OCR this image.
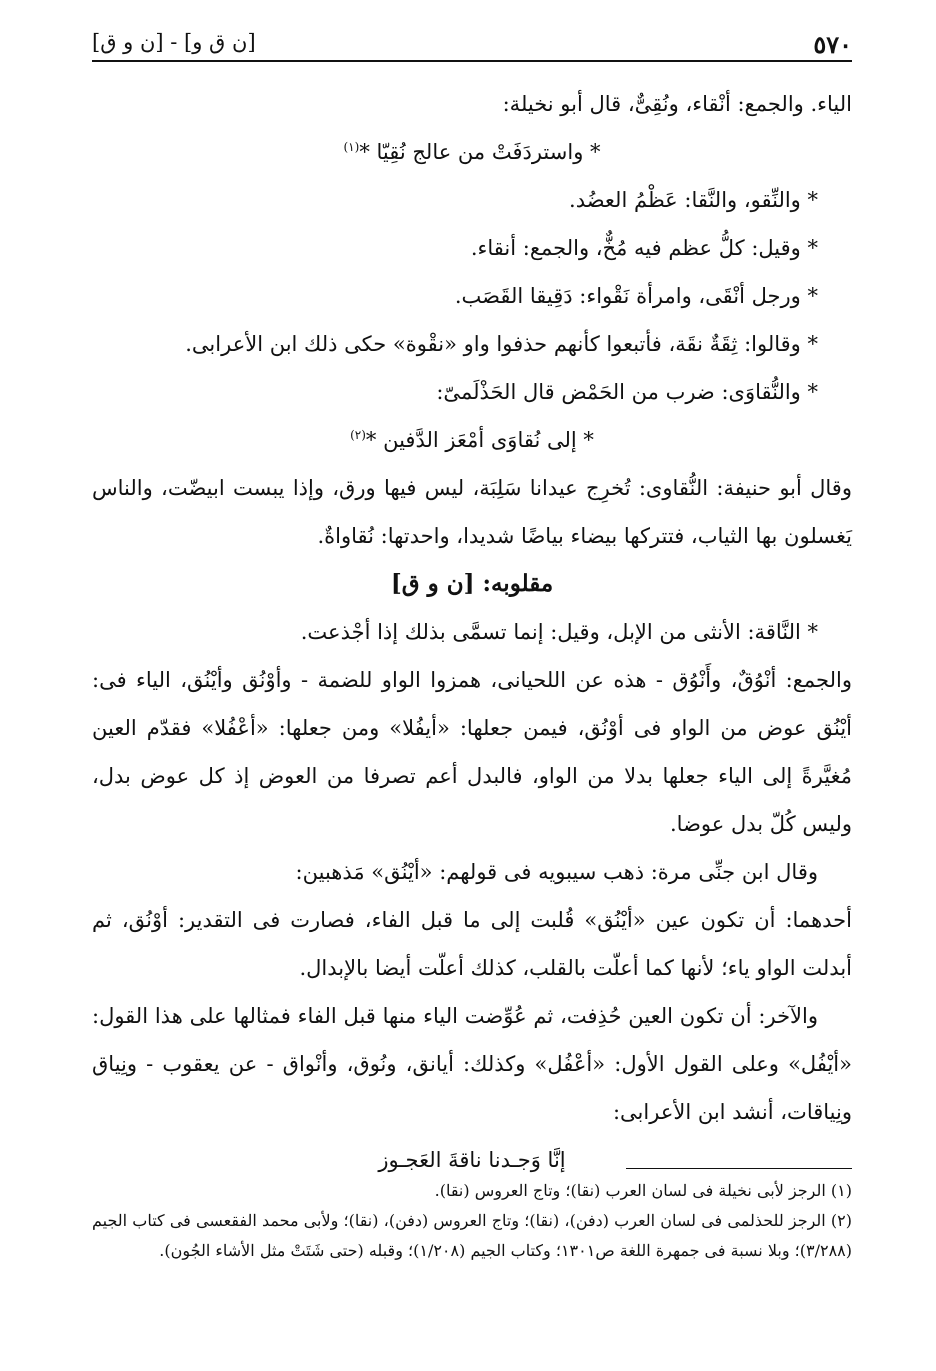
٥٧٠
[ن ق و] - [ن و ق]

الياء. والجمع: أنْقاء، ونُقِىٌّ، قال أبو نخيلة:

* واستردَفَتْ من عالج نُقِيّا *$^{(١)}$

* والنِّقو، والنَّقا: عَظْمُ العضُد.

* وقيل: كلُّ عظم فيه مُخٌّ، والجمع: أنقاء.

* ورجل أنْقَى، وامرأة نَقْواء: دَقِيقا القَصَب.

* وقالوا: ثِقَةٌ نقَة، فأتبعوا كأنهم حذفوا واو «نقْوة» حكى ذلك ابن الأعرابى.

* والنُّقاوَى: ضرب من الحَمْض قال الحَذْلَمىّ:

* إلى نُقاوَى أمْعَز الدَّفين *$^{(٢)}$

وقال أبو حنيفة: النُّقاوى: تُخرِج عيدانا سَلِبَة، ليس فيها ورق، وإذا يبست ابيضّت، والناس يَغسلون بها الثياب، فتتركها بيضاء بياضًا شديدا، واحدتها: نُقاواةٌ.

مقلوبه: [ن و ق]

* النَّاقة: الأنثى من الإبل، وقيل: إنما تسمَّى بذلك إذا أجْذعت.

والجمع: أنْوُقٌ، وأَنْوُق - هذه عن اللحيانى، همزوا الواو للضمة - وأوْنُق وأيْنُق، الياء فى: أيْنُق عوض من الواو فى أوْنُق، فيمن جعلها: «أيفُلا» ومن جعلها: «أعْفُلا» فقدّم العين مُغيَّرةً إلى الياء جعلها بدلا من الواو، فالبدل أعم تصرفا من العوض إذ كل عوض بدل، وليس كُلّ بدل عوضا.

وقال ابن جنِّى مرة: ذهب سيبويه فى قولهم: «أيْنُق» مَذهبين:

أحدهما: أن تكون عين «أيْنُق» قُلبت إلى ما قبل الفاء، فصارت فى التقدير: أوْنُق، ثم أبدلت الواو ياء؛ لأنها كما أعلّت بالقلب، كذلك أعلّت أيضا بالإبدال.

والآخر: أن تكون العين حُذِفت، ثم عُوِّضت الياء منها قبل الفاء فمثالها على هذا القول: «أيْفُل» وعلى القول الأول: «أعْفُل» وكذلك: أيانق، ونُوق، وأنْواق - عن يعقوب - ونِياق ونِياقات، أنشد ابن الأعرابى:

إنَّا وَجـدنا ناقةَ العَجـوز

(١) الرجز لأبى نخيلة فى لسان العرب (نقا)؛ وتاج العروس (نقا).

(٢) الرجز للحذلمى فى لسان العرب (دفن)، (نقا)؛ وتاج العروس (دفن)، (نقا)؛ ولأبى محمد الفقعسى فى كتاب الجيم (٣/٢٨٨)؛ وبلا نسبة فى جمهرة اللغة ص١٣٠١؛ وكتاب الجيم (١/٢٠٨)؛ وقبله (حتى شَتَتْ مثل الأشاء الجُون).
